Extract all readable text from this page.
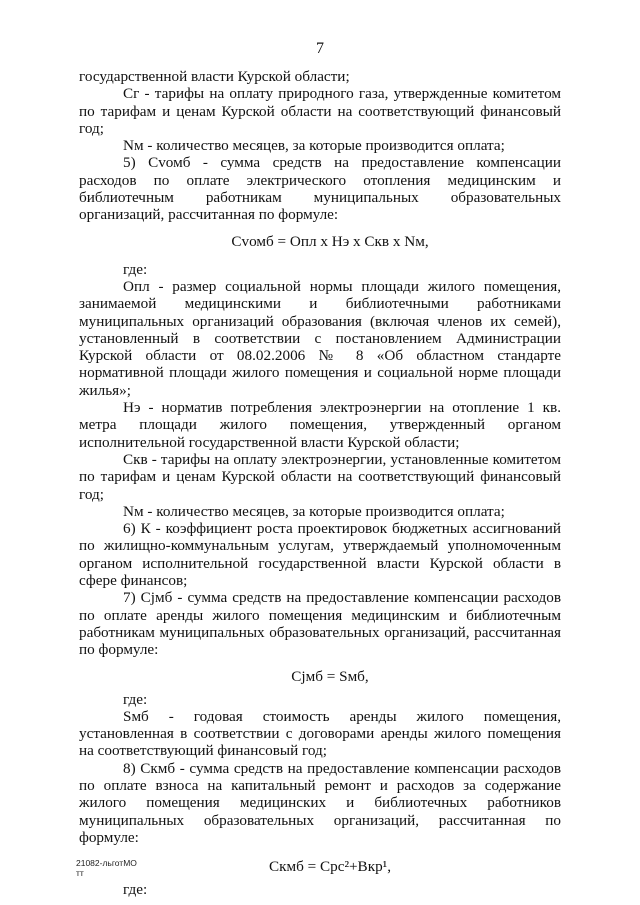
7

государственной власти Курской области;

Сг - тарифы на оплату природного газа, утвержденные комитетом по тарифам и ценам Курской области на соответствующий финансовый год;

Nм - количество месяцев, за которые производится оплата;

5) Сvомб - сумма средств на предоставление компенсации расходов по оплате электрического отопления медицинским и библиотечным работникам муниципальных образовательных организаций, рассчитанная по формуле:

Сvомб = Опл х Нэ х Скв х Nм,

где:

Опл - размер социальной нормы площади жилого помещения, занимаемой медицинскими и библиотечными работниками муниципальных организаций образования (включая членов их семей), установленный в соответствии с постановлением Администрации Курской области от 08.02.2006 № 8 «Об областном стандарте нормативной площади жилого помещения и социальной норме площади жилья»;

Нэ - норматив потребления электроэнергии на отопление 1 кв. метра площади жилого помещения, утвержденный органом исполнительной государственной власти Курской области;

Скв - тарифы на оплату электроэнергии, установленные комитетом по тарифам и ценам Курской области на соответствующий финансовый год;

Nм - количество месяцев, за которые производится оплата;

6) К - коэффициент роста проектировок бюджетных ассигнований по жилищно-коммунальным услугам, утверждаемый уполномоченным органом исполнительной государственной власти Курской области в сфере финансов;

7) Сjмб - сумма средств на предоставление компенсации расходов по оплате аренды жилого помещения медицинским и библиотечным работникам муниципальных образовательных организаций, рассчитанная по формуле:

Сjмб = Sмб,

где:

Sмб - годовая стоимость аренды жилого помещения, установленная в соответствии с договорами аренды жилого помещения на соответствующий финансовый год;

8) Скмб - сумма средств на предоставление компенсации расходов по оплате взноса на капитальный ремонт и расходов за содержание жилого помещения медицинских и библиотечных работников муниципальных образовательных организаций, рассчитанная по формуле:

Скмб = Срс²+Вкр¹,

где:

21082-льготМО
тт
